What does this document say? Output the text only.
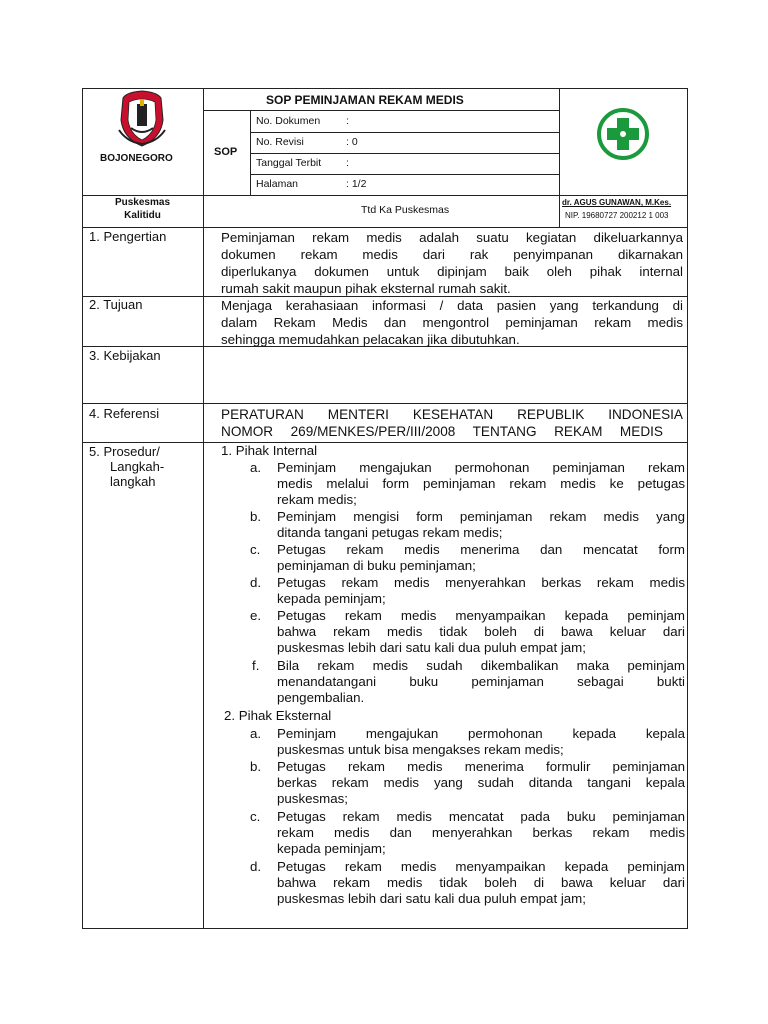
BOJONEGORO
SOP PEMINJAMAN REKAM MEDIS
SOP
No. Dokumen :
No. Revisi	: 0
Tanggal Terbit :
Halaman	: 1/2
Puskesmas
Kalitidu	Ttd Ka Puskesmas
dr. AGUS GUNAWAN, M.Kes.
NIP. 19680727 200212 1 003
1. Pengertian	Peminjaman rekam medis adalah suatu kegiatan dikeluarkannya
dokumen rekam medis dari rak penyimpanan dikarnakan
diperlukanya dokumen untuk dipinjam baik oleh pihak internal
rumah sakit maupun pihak eksternal rumah sakit.
2. Tujuan	Menjaga kerahasiaan informasi / data pasien yang terkandung di
dalam Rekam Medis dan mengontrol peminjaman rekam medis
sehingga memudahkan pelacakan jika dibutuhkan.
3. Kebijakan
4. Referensi	PERATURAN MENTERI KESEHATAN REPUBLIK INDONESIA
NOMOR 269/MENKES/PER/III/2008 TENTANG REKAM MEDIS
5. Prosedur/
Langkah-
langkah
1. Pihak Internal
a. Peminjam mengajukan permohonan peminjaman rekam
medis melalui form peminjaman rekam medis ke petugas
rekam medis;
b. Peminjam mengisi form peminjaman rekam medis yang
ditanda tangani petugas rekam medis;
c. Petugas rekam medis menerima dan mencatat form
peminjaman di buku peminjaman;
d. Petugas rekam medis menyerahkan berkas rekam medis
kepada peminjam;
e. Petugas rekam medis menyampaikan kepada peminjam
bahwa rekam medis tidak boleh di bawa keluar dari
puskesmas lebih dari satu kali dua puluh empat jam;
f. Bila rekam medis sudah dikembalikan maka peminjam
menandatangani buku peminjaman sebagai bukti
pengembalian.
2. Pihak Eksternal
a. Peminjam mengajukan permohonan kepada kepala
puskesmas untuk bisa mengakses rekam medis;
b. Petugas rekam medis menerima formulir peminjaman
berkas rekam medis yang sudah ditanda tangani kepala
puskesmas;
c. Petugas rekam medis mencatat pada buku peminjaman
rekam medis dan menyerahkan berkas rekam medis
kepada peminjam;
d. Petugas rekam medis menyampaikan kepada peminjam
bahwa rekam medis tidak boleh di bawa keluar dari
puskesmas lebih dari satu kali dua puluh empat jam;
